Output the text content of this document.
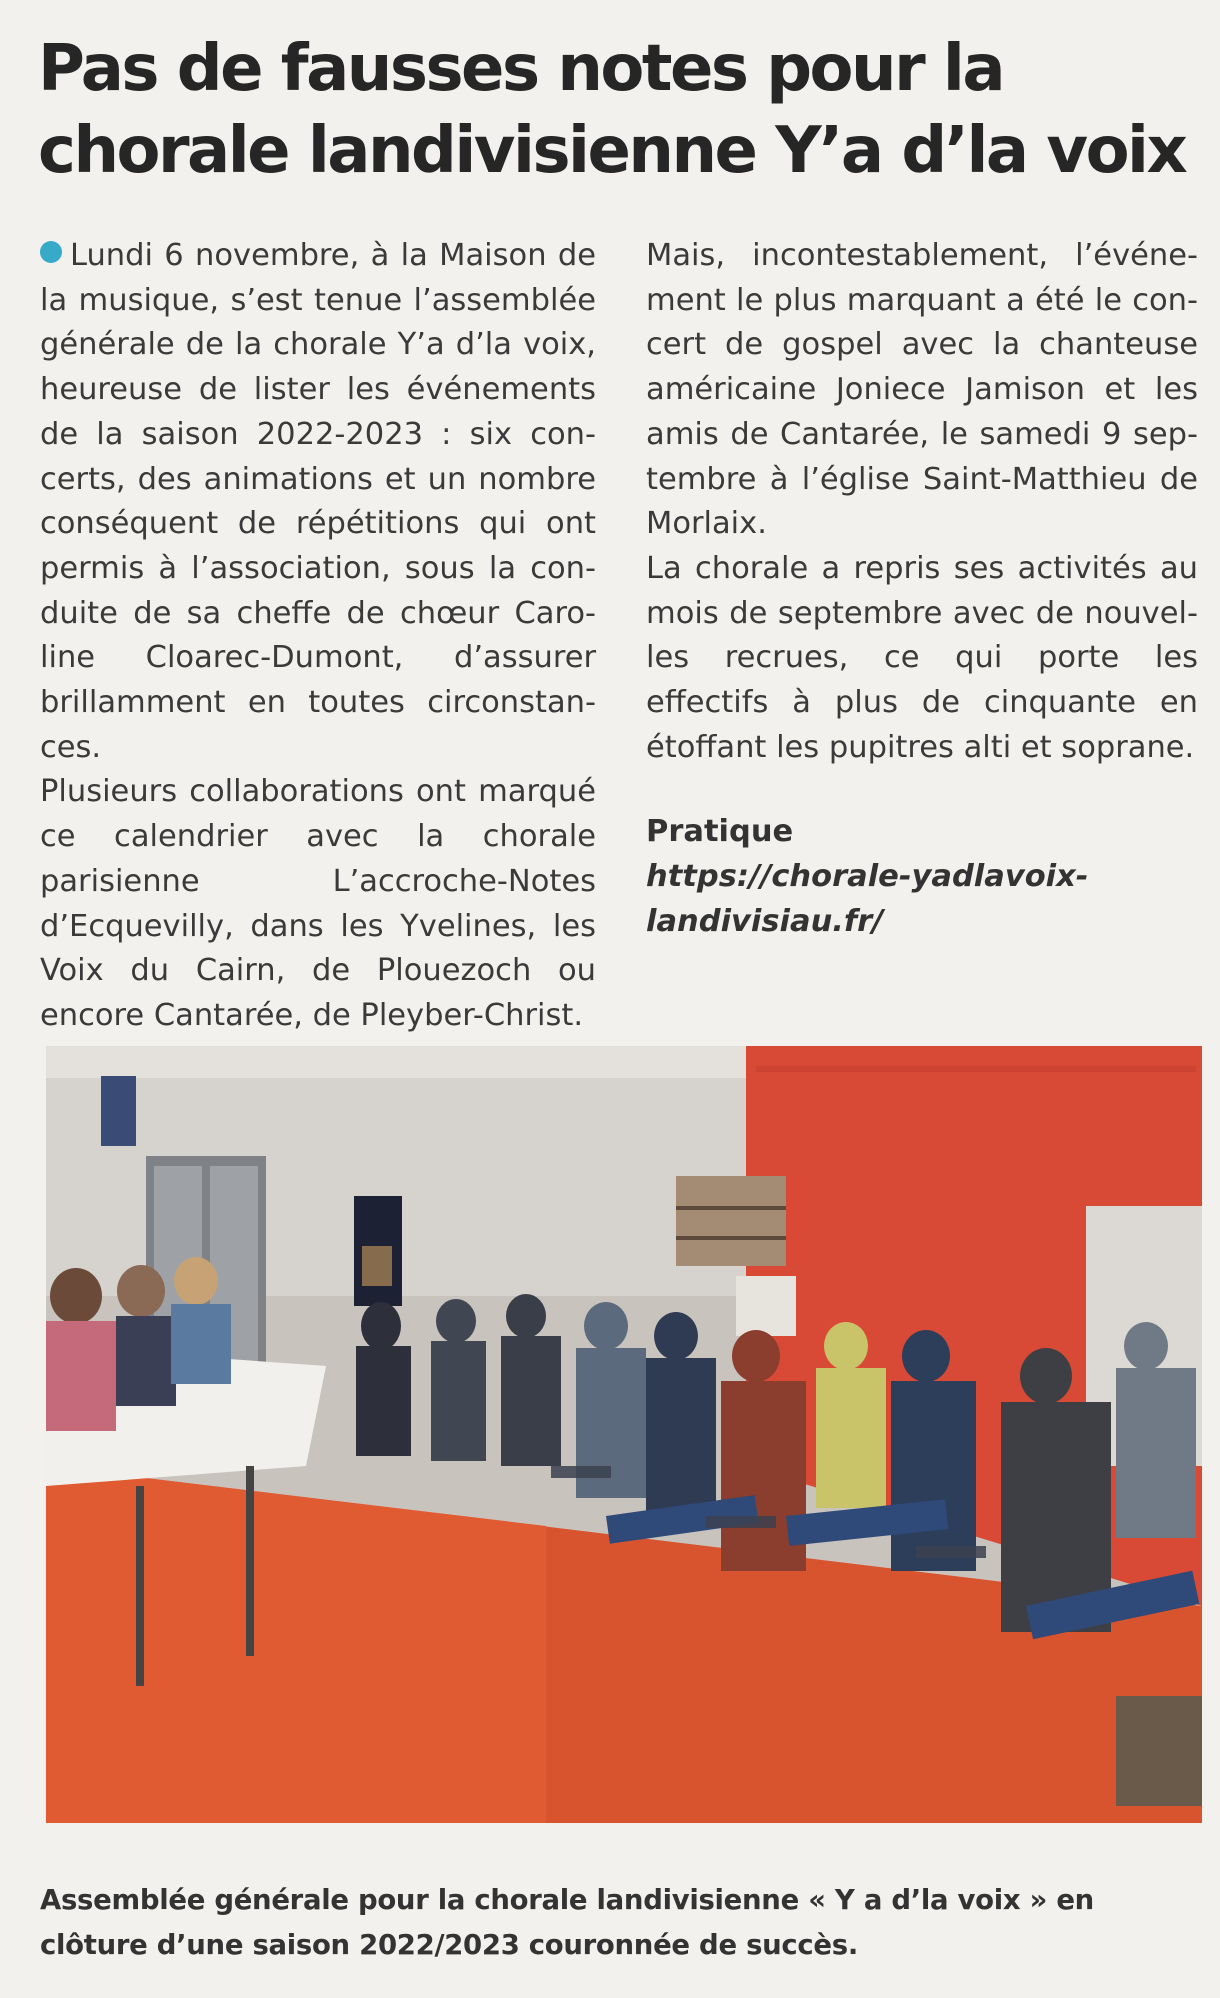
Pas de fausses notes pour la
chorale landivisienne Y’a d’la voix

Lundi 6 novembre, à la Maison de la musique, s’est tenue l’assemblée générale de la chorale Y’a d’la voix, heureuse de lister les événements de la saison 2022-2023 : six concerts, des animations et un nombre conséquent de répétitions qui ont permis à l’association, sous la conduite de sa cheffe de chœur Caroline Cloarec-Dumont, d’assurer brillamment en toutes circonstances.

Plusieurs collaborations ont marqué ce calendrier avec la chorale parisienne L’accroche-Notes d’Ecquevilly, dans les Yvelines, les Voix du Cairn, de Plouezoch ou encore Cantarée, de Pleyber-Christ.

Mais, incontestablement, l’événement le plus marquant a été le concert de gospel avec la chanteuse américaine Joniece Jamison et les amis de Cantarée, le samedi 9 septembre à l’église Saint-Matthieu de Morlaix.

La chorale a repris ses activités au mois de septembre avec de nouvelles recrues, ce qui porte les effectifs à plus de cinquante en étoffant les pupitres alti et soprane.

Pratique

https://chorale-yadlavoix-landivisiau.fr/

Assemblée générale pour la chorale landivisienne « Y a d’la voix » en clôture d’une saison 2022/2023 couronnée de succès.
